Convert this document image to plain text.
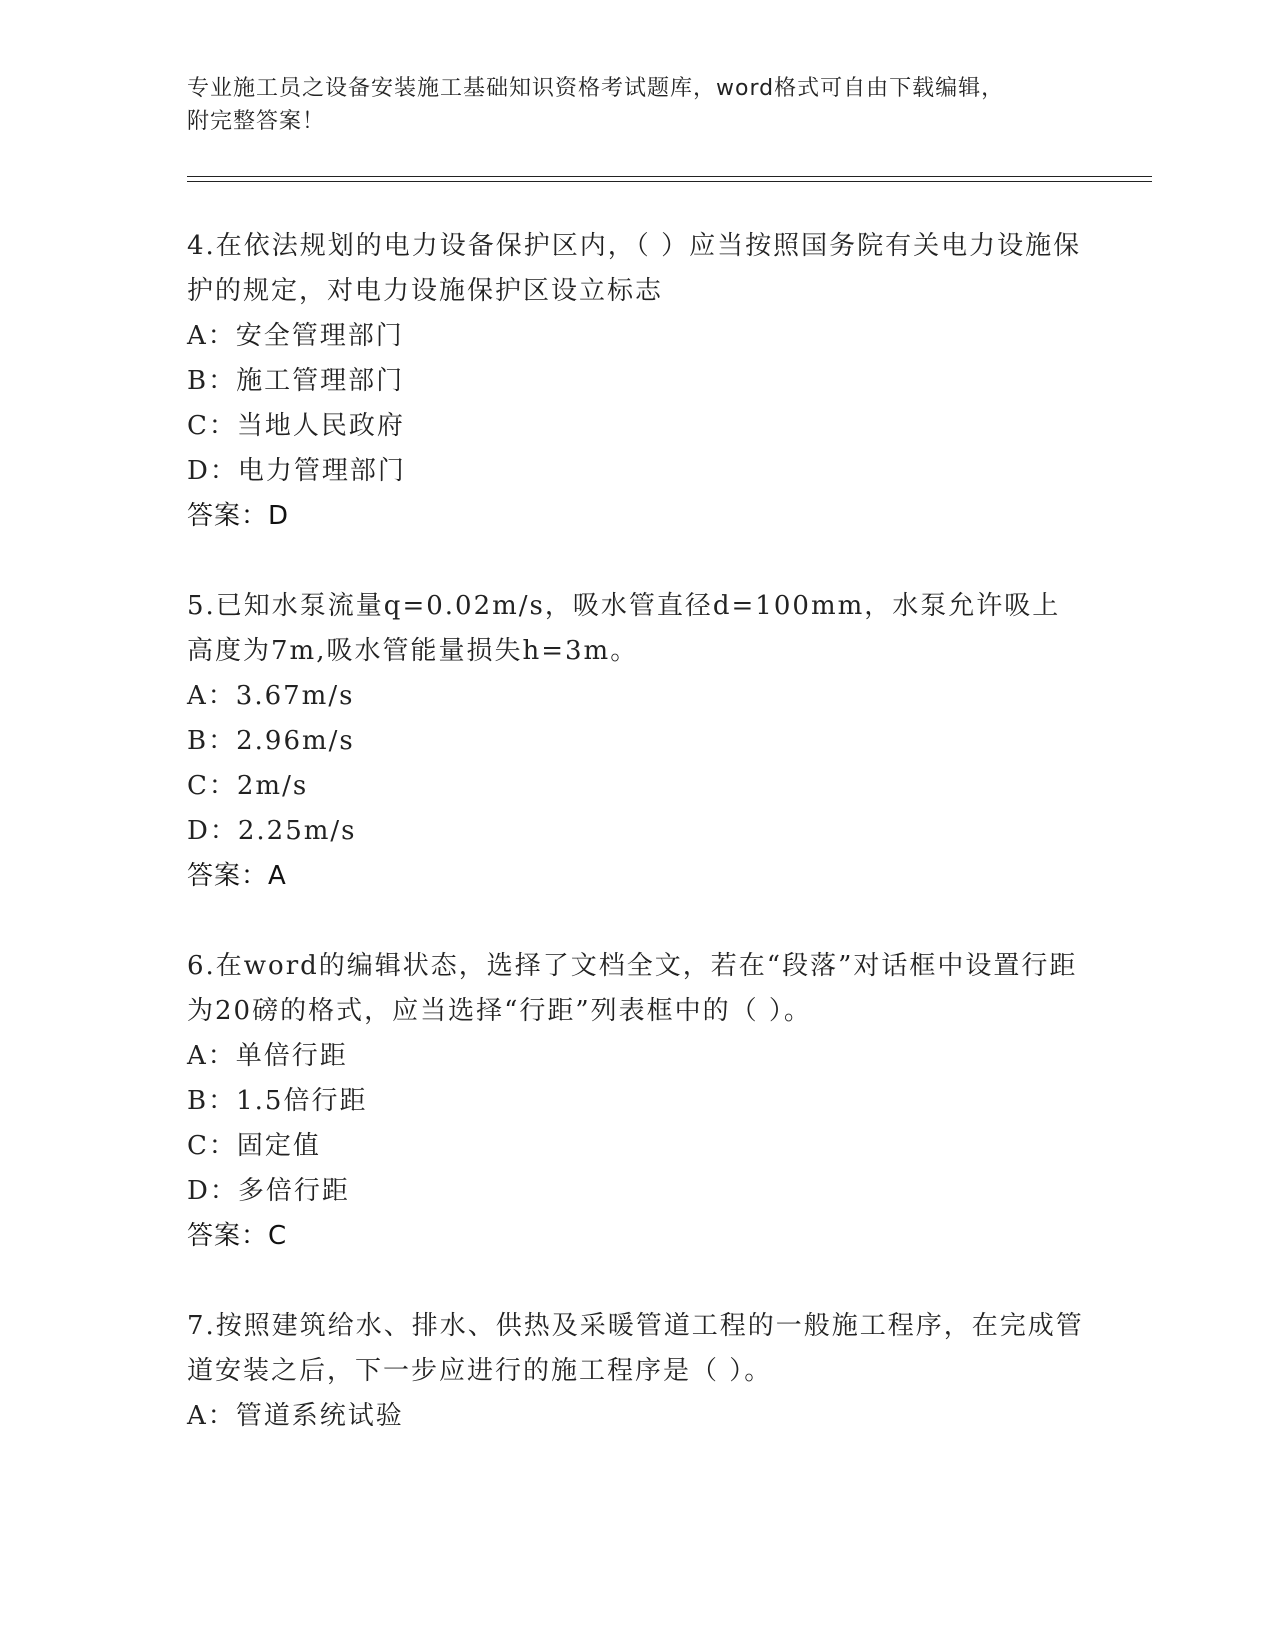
专业施工员之设备安装施工基础知识资格考试题库，word格式可自由下载编辑，
附完整答案！

4.在依法规划的电力设备保护区内，（ ）应当按照国务院有关电力设施保护的规定，对电力设施保护区设立标志

A：安全管理部门

B：施工管理部门

C：当地人民政府

D：电力管理部门

答案：D

5.已知水泵流量q=0.02m/s，吸水管直径d=100mm，水泵允许吸上高度为7m,吸水管能量损失h=3m。

A：3.67m/s

B：2.96m/s

C：2m/s

D：2.25m/s

答案：A

6.在word的编辑状态，选择了文档全文，若在“段落”对话框中设置行距为20磅的格式，应当选择“行距”列表框中的（ ）。

A：单倍行距

B：1.5倍行距

C：固定值

D：多倍行距

答案：C

7.按照建筑给水、排水、供热及采暖管道工程的一般施工程序，在完成管道安装之后，下一步应进行的施工程序是（ ）。

A：管道系统试验
